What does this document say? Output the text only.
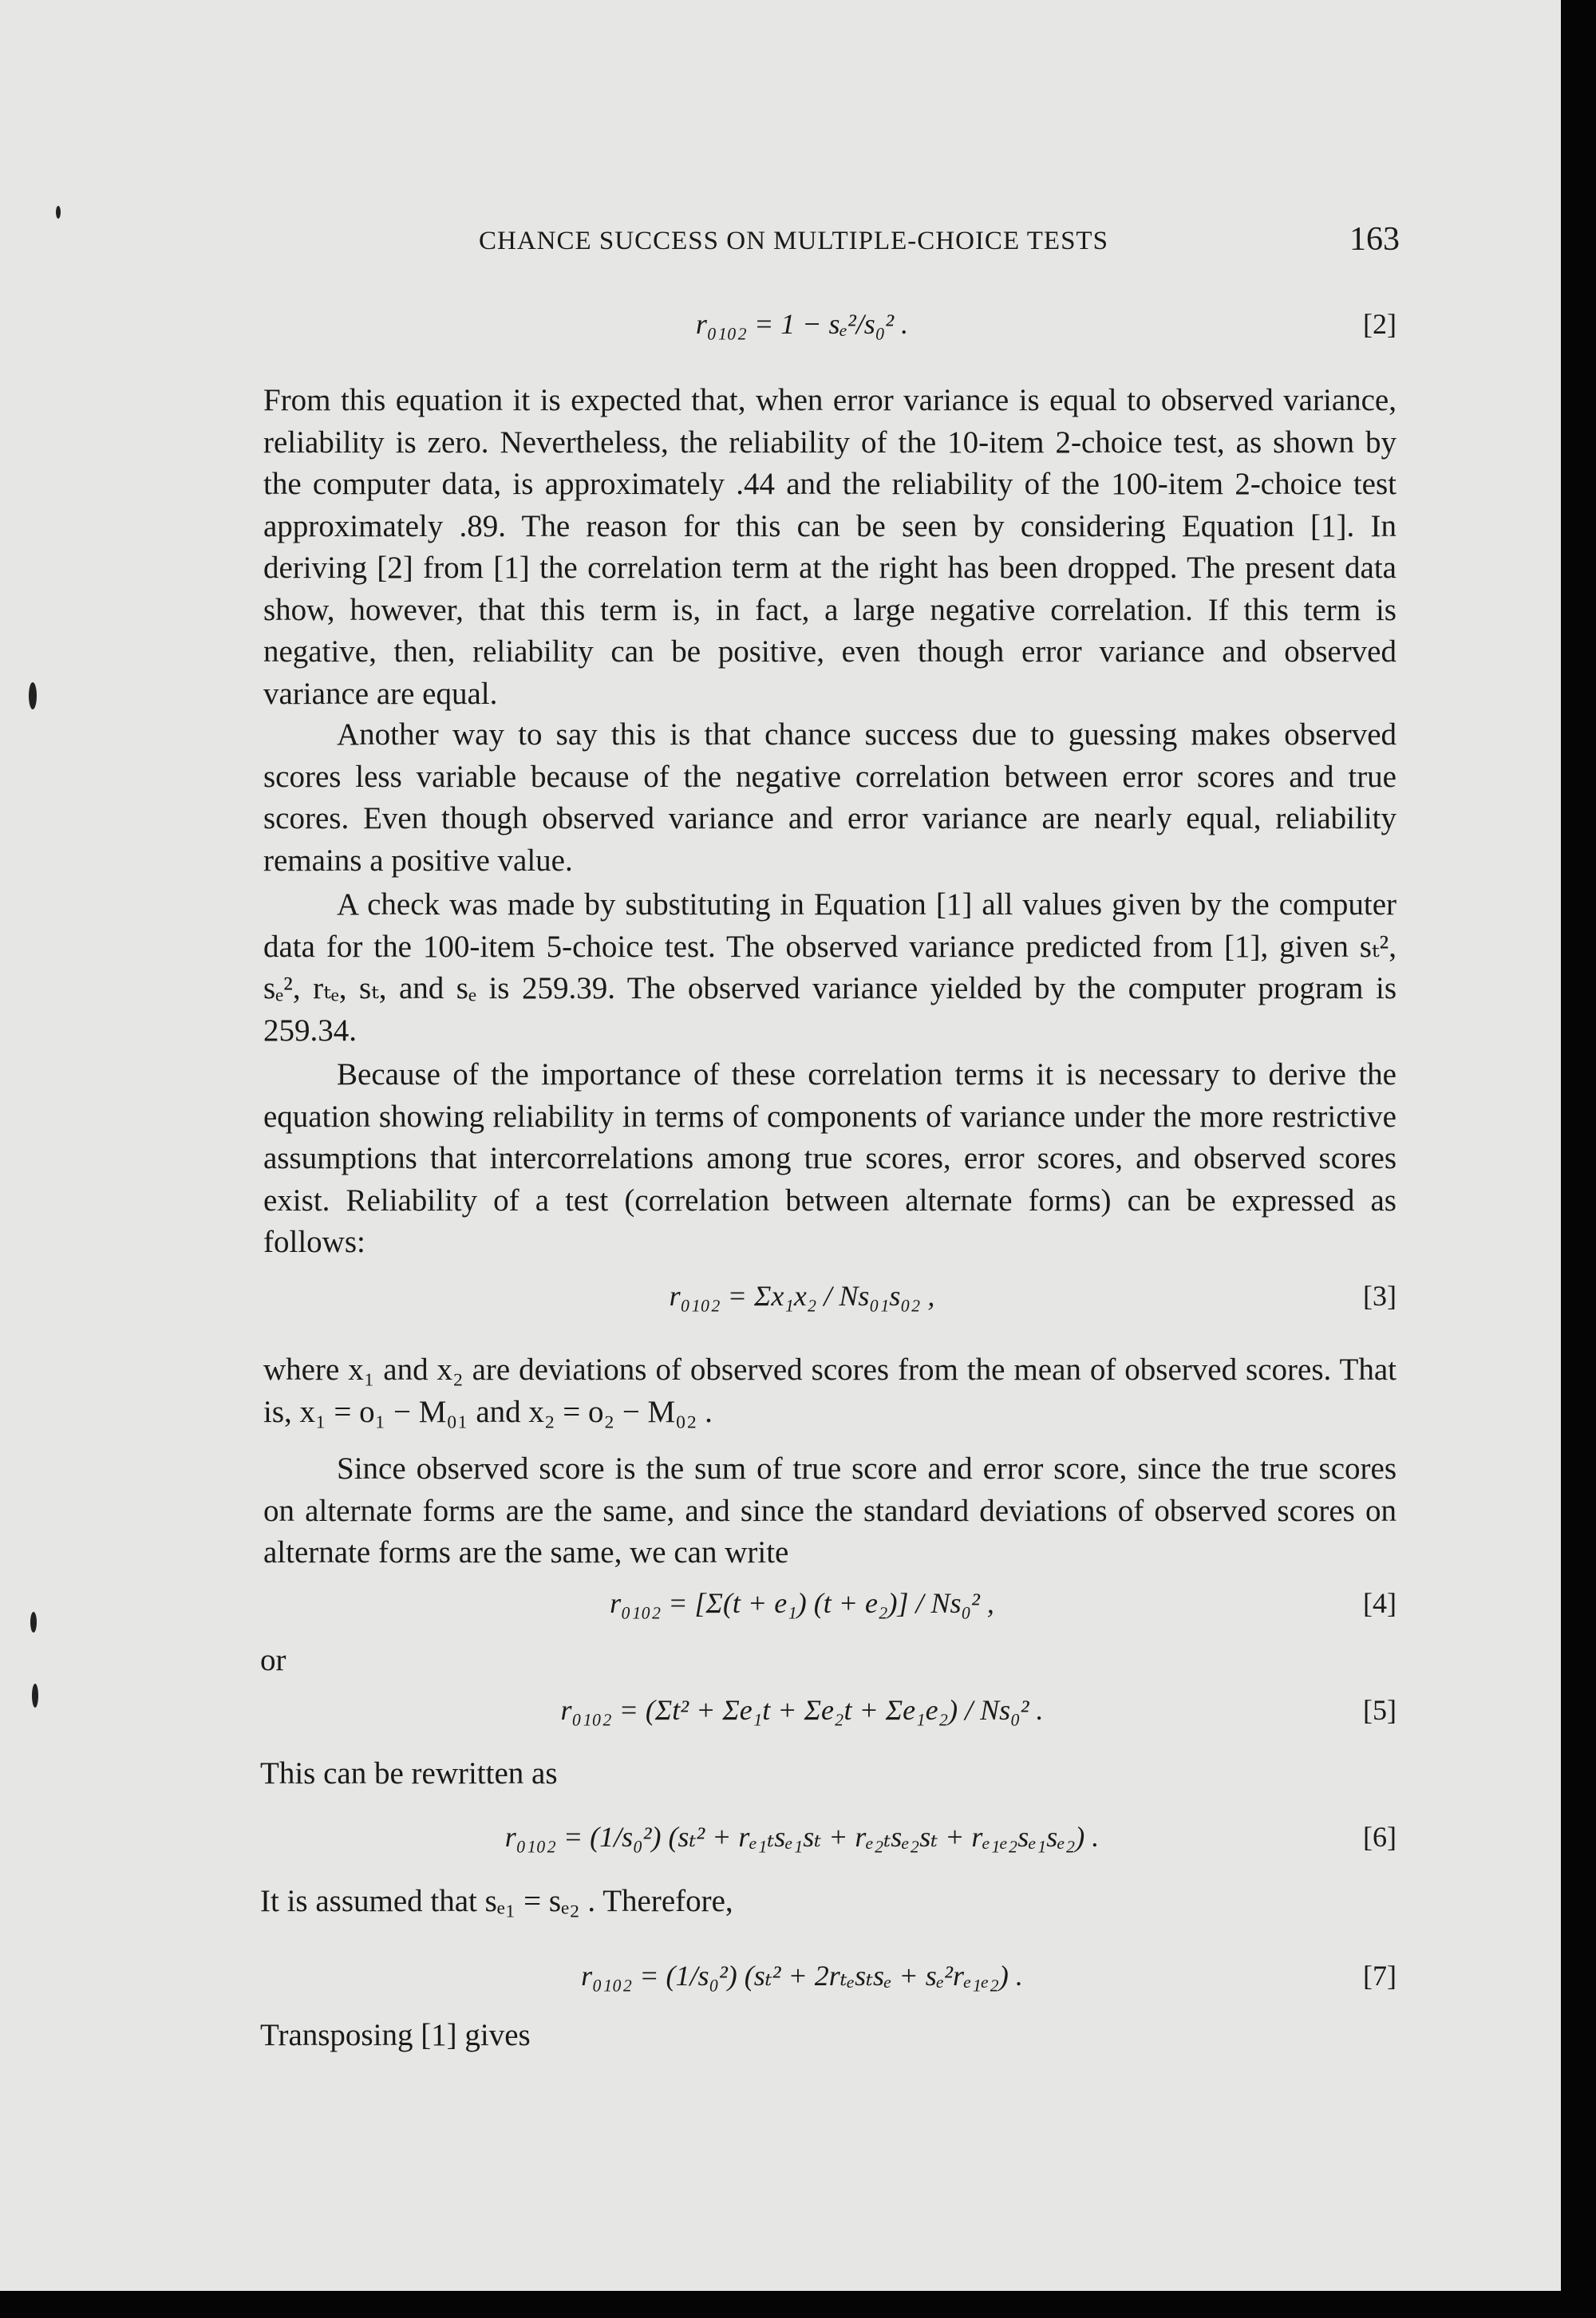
CHANCE SUCCESS ON MULTIPLE-CHOICE TESTS	163
r₀₁₀₂ = 1 − sₑ²/s₀² .	[2]

From this equation it is expected that, when error variance is equal to observed variance, reliability is zero. Nevertheless, the reliability of the 10-item 2-choice test, as shown by the computer data, is approximately .44 and the reliability of the 100-item 2-choice test approximately .89. The reason for this can be seen by considering Equation [1]. In deriving [2] from [1] the correlation term at the right has been dropped. The present data show, however, that this term is, in fact, a large negative correlation. If this term is negative, then, reliability can be positive, even though error variance and observed variance are equal.

Another way to say this is that chance success due to guessing makes observed scores less variable because of the negative correlation between error scores and true scores. Even though observed variance and error variance are nearly equal, reliability remains a positive value.

A check was made by substituting in Equation [1] all values given by the computer data for the 100-item 5-choice test. The observed variance predicted from [1], given sₜ², sₑ², rₜₑ, sₜ, and sₑ is 259.39. The observed variance yielded by the computer program is 259.34.

Because of the importance of these correlation terms it is necessary to derive the equation showing reliability in terms of components of variance under the more restrictive assumptions that intercorrelations among true scores, error scores, and observed scores exist. Reliability of a test (correlation between alternate forms) can be expressed as follows:

r₀₁₀₂ = Σx₁x₂ / Ns₀₁s₀₂ ,	[3]

where x₁ and x₂ are deviations of observed scores from the mean of observed scores. That is, x₁ = o₁ − M₀₁ and x₂ = o₂ − M₀₂ .

Since observed score is the sum of true score and error score, since the true scores on alternate forms are the same, and since the standard deviations of observed scores on alternate forms are the same, we can write

r₀₁₀₂ = [Σ(t + e₁) (t + e₂)] / Ns₀² ,	[4]

or

r₀₁₀₂ = (Σt² + Σe₁t + Σe₂t + Σe₁e₂) / Ns₀² .	[5]

This can be rewritten as

r₀₁₀₂ = (1/s₀²) (sₜ² + rₑ₁ₜsₑ₁sₜ + rₑ₂ₜsₑ₂sₜ + rₑ₁ₑ₂sₑ₁sₑ₂) .	[6]

It is assumed that sₑ₁ = sₑ₂ . Therefore,

r₀₁₀₂ = (1/s₀²) (sₜ² + 2rₜₑsₜsₑ + sₑ²rₑ₁ₑ₂) .	[7]

Transposing [1] gives
